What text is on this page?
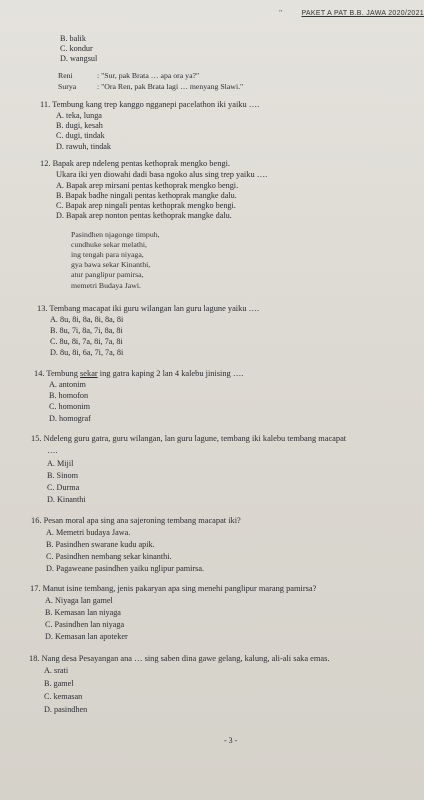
"	PAKET A PAT B.B. JAWA 2020/2021
B. balik
C. kondur
D. wangsul
Reni	: "Sur, pak Brata … apa ora ya?"
Surya	: "Ora Ren, pak Brata lagi … menyang Slawi."
11. Tembung kang trep kanggo ngganepi pacelathon iki yaiku ….
A. teka, lunga
B. dugi, kesah
C. dugi, tindak
D. rawuh, tindak
12. Bapak arep ndeleng pentas kethoprak mengko bengi.
Ukara iki yen diowahi dadi basa ngoko alus sing trep yaiku ….
A. Bapak arep mirsani pentas kethoprak mengko bengi.
B. Bapak badhe ningali pentas kethoprak mangke dalu.
C. Bapak arep ningali pentas kethoprak mengko bengi.
D. Bapak arep nonton pentas kethoprak mangke dalu.
Pasindhen njagonge timpuh,
cundhuke sekar melathi,
ing tengah para niyaga,
gya bawa sekar Kinanthi,
atur panglipur pamirsa,
memetri Budaya Jawi.
13. Tembang macapat iki guru wilangan lan guru lagune yaiku ….
A. 8u, 8i, 8a, 8i, 8a, 8i
B. 8u, 7i, 8a, 7i, 8a, 8i
C. 8u, 8i, 7a, 8i, 7a, 8i
D. 8u, 8i, 6a, 7i, 7a, 8i
14. Tembung sekar ing gatra kaping 2 lan 4 kalebu jinising ….
A. antonim
B. homofon
C. homonim
D. homograf
15. Ndeleng guru gatra, guru wilangan, lan guru lagune, tembang iki kalebu tembang macapat
….
A. Mijil
B. Sinom
C. Durma
D. Kinanthi
16. Pesan moral apa sing ana sajeroning tembang macapat iki?
A. Memetri budaya Jawa.
B. Pasindhen swarane kudu apik.
C. Pasindhen nembang sekar kinanthi.
D. Pagaweane pasindhen yaiku nglipur pamirsa.
17. Manut isine tembang, jenis pakaryan apa sing menehi panglipur marang pamirsa?
A. Niyaga lan gamel
B. Kemasan lan niyaga
C. Pasindhen lan niyaga
D. Kemasan lan apoteker
18. Nang desa Pesayangan ana … sing saben dina gawe gelang, kalung, ali-ali saka emas.
A. srati
B. gamel
C. kemasan
D. pasindhen
- 3 -
